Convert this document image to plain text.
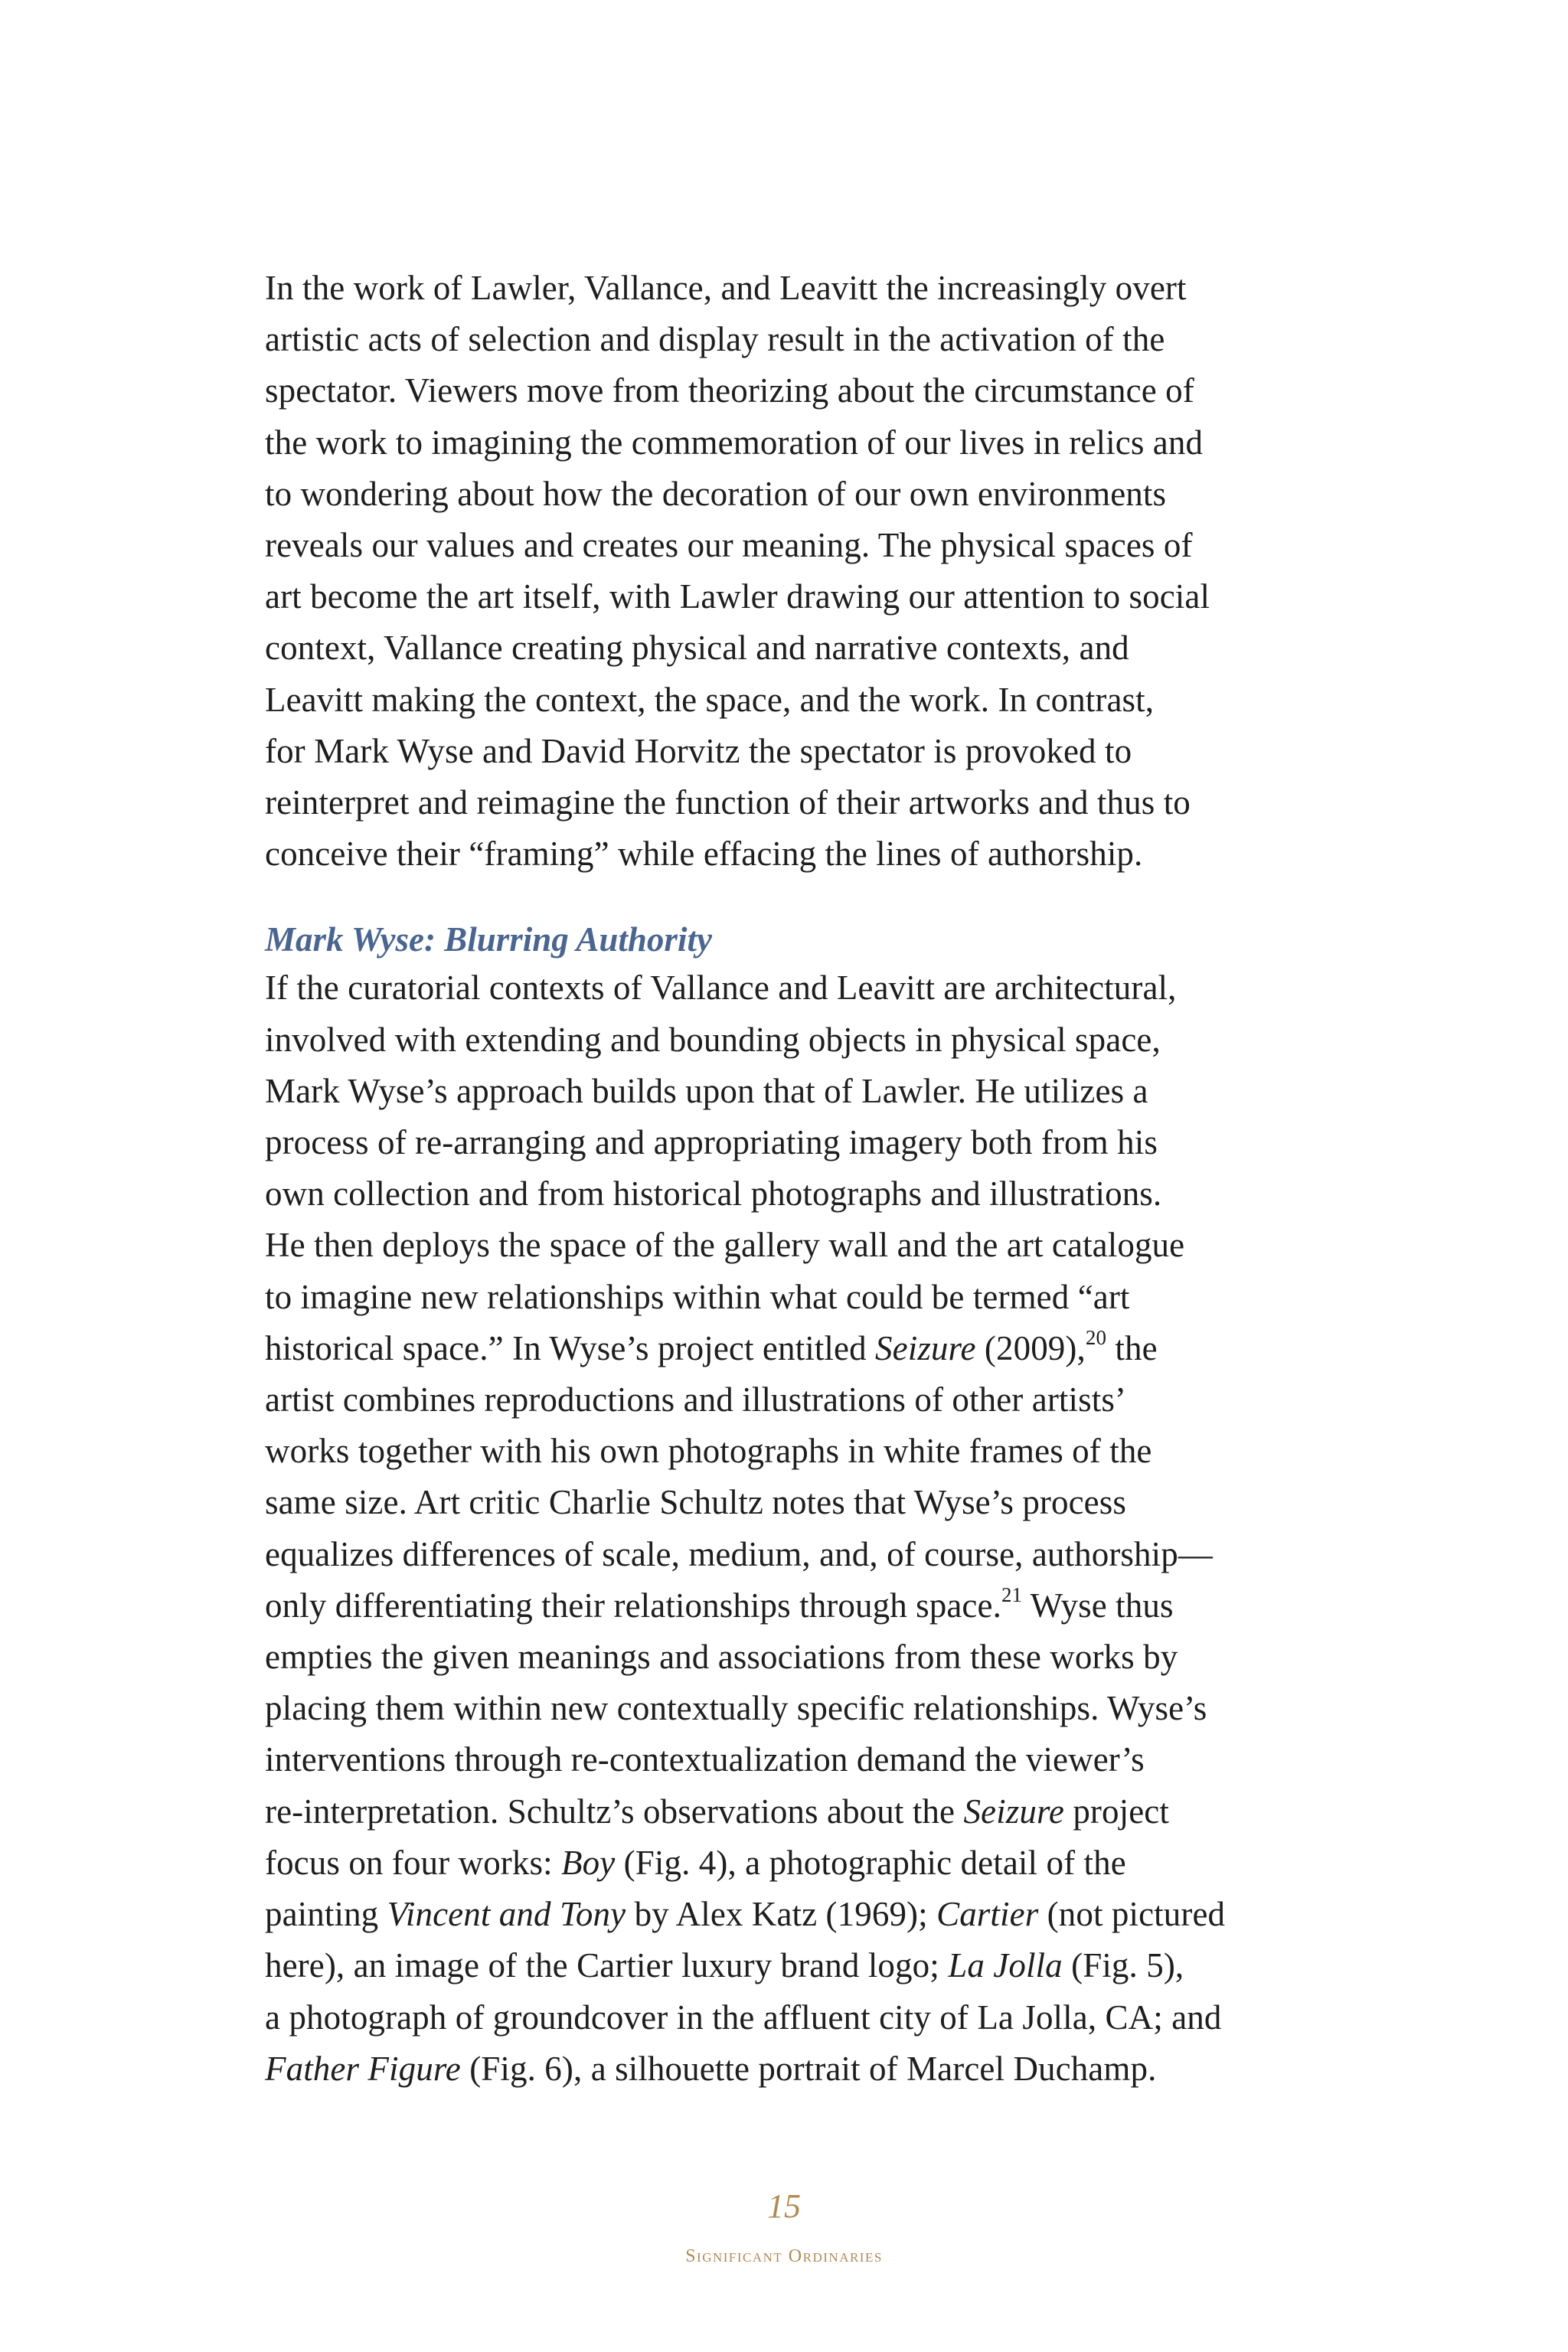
In the work of Lawler, Vallance, and Leavitt the increasingly overt
artistic acts of selection and display result in the activation of the
spectator. Viewers move from theorizing about the circumstance of
the work to imagining the commemoration of our lives in relics and
to wondering about how the decoration of our own environments
reveals our values and creates our meaning. The physical spaces of
art become the art itself, with Lawler drawing our attention to social
context, Vallance creating physical and narrative contexts, and
Leavitt making the context, the space, and the work. In contrast,
for Mark Wyse and David Horvitz the spectator is provoked to
reinterpret and reimagine the function of their artworks and thus to
conceive their “framing” while effacing the lines of authorship.

Mark Wyse: Blurring Authority

If the curatorial contexts of Vallance and Leavitt are architectural,
involved with extending and bounding objects in physical space,
Mark Wyse’s approach builds upon that of Lawler. He utilizes a
process of re-arranging and appropriating imagery both from his
own collection and from historical photographs and illustrations.
He then deploys the space of the gallery wall and the art catalogue
to imagine new relationships within what could be termed “art
historical space.” In Wyse’s project entitled Seizure (2009),$^{20}$ the
artist combines reproductions and illustrations of other artists’
works together with his own photographs in white frames of the
same size. Art critic Charlie Schultz notes that Wyse’s process
equalizes differences of scale, medium, and, of course, authorship—
only differentiating their relationships through space.$^{21}$ Wyse thus
empties the given meanings and associations from these works by
placing them within new contextually specific relationships. Wyse’s
interventions through re-contextualization demand the viewer’s
re-interpretation. Schultz’s observations about the Seizure project
focus on four works: Boy (Fig. 4), a photographic detail of the
painting Vincent and Tony by Alex Katz (1969); Cartier (not pictured
here), an image of the Cartier luxury brand logo; La Jolla (Fig. 5),
a photograph of groundcover in the affluent city of La Jolla, CA; and
Father Figure (Fig. 6), a silhouette portrait of Marcel Duchamp.

15
Significant Ordinaries
